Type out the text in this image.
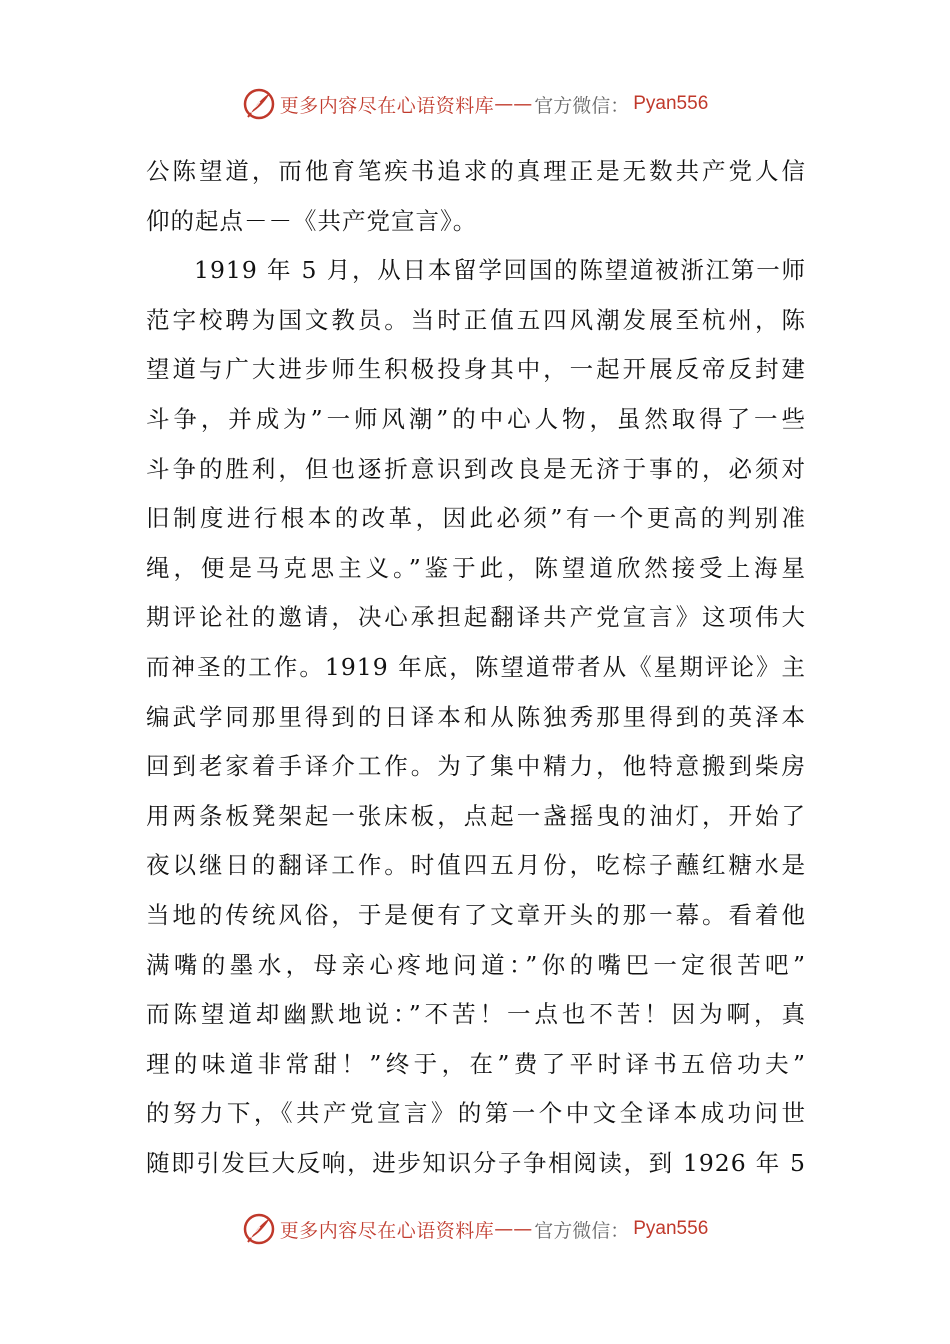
更多内容尽在心语资料库 —— 官方微信： Pyan556
公陈望道，而他育笔疾书追求的真理正是无数共产党人信
仰的起点－－《共产党宣言》。
1919 年 5 月，从日本留学回国的陈望道被浙江第一师
范字校聘为国文教员。当时正值五四风潮发展至杭州，陈
望道与广大进步师生积极投身其中，一起开展反帝反封建
斗争，并成为”一师风潮”的中心人物，虽然取得了一些
斗争的胜利，但也逐折意识到改良是无济于事的，必须对
旧制度进行根本的改革，因此必须”有一个更高的判别准
绳，便是马克思主义。”鉴于此，陈望道欣然接受上海星
期评论社的邀请，决心承担起翻译共产党宣言》这项伟大
而神圣的工作。1919 年底，陈望道带者从《星期评论》主
编武学同那里得到的日译本和从陈独秀那里得到的英泽本
回到老家着手译介工作。为了集中精力，他特意搬到柴房
用两条板凳架起一张床板，点起一盏摇曳的油灯，开始了
夜以继日的翻译工作。时值四五月份，吃棕子蘸红糖水是
当地的传统风俗，于是便有了文章开头的那一幕。看着他
满嘴的墨水，母亲心疼地问道：”你的嘴巴一定很苦吧”
而陈望道却幽默地说：”不苦！一点也不苦！因为啊，真
理的味道非常甜！”终于，在”费了平时译书五倍功夫”
的努力下，《共产党宣言》的第一个中文全译本成功问世
随即引发巨大反响，进步知识分子争相阅读，到 1926 年 5
更多内容尽在心语资料库 —— 官方微信： Pyan556
